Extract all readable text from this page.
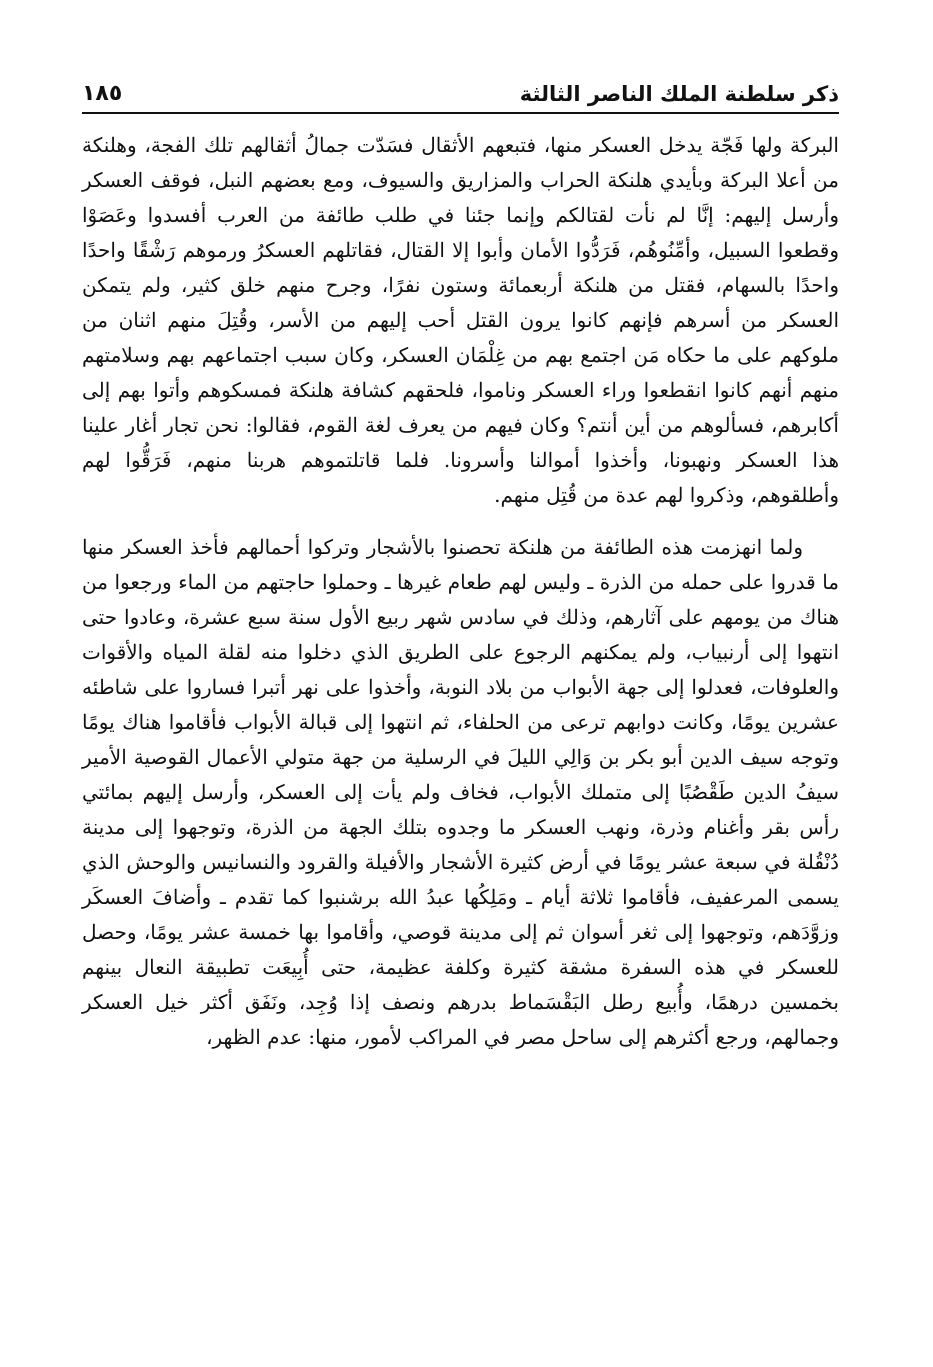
ذكر سلطنة الملك الناصر الثالثة
١٨٥

البركة ولها فَجّة يدخل العسكر منها، فتبعهم الأثقال فسَدّت جمالُ أثقالهم تلك الفجة، وهلنكة من أعلا البركة وبأيدي هلنكة الحراب والمزاريق والسيوف، ومع بعضهم النبل، فوقف العسكر وأرسل إليهم: إنَّا لم نأت لقتالكم وإنما جئنا في طلب طائفة من العرب أفسدوا وعَصَوْا وقطعوا السبيل، وأمِّنُوهُم، فَرَدُّوا الأمان وأبوا إلا القتال، فقاتلهم العسكرُ ورموهم رَشْقًا واحدًا واحدًا بالسهام، فقتل من هلنكة أربعمائة وستون نفرًا، وجرح منهم خلق كثير، ولم يتمكن العسكر من أسرهم فإنهم كانوا يرون القتل أحب إليهم من الأسر، وقُتِلَ منهم اثنان من ملوكهم على ما حكاه مَن اجتمع بهم من غِلْمَان العسكر، وكان سبب اجتماعهم بهم وسلامتهم منهم أنهم كانوا انقطعوا وراء العسكر وناموا، فلحقهم كشافة هلنكة فمسكوهم وأتوا بهم إلى أكابرهم، فسألوهم من أين أنتم؟ وكان فيهم من يعرف لغة القوم، فقالوا: نحن تجار أغار علينا هذا العسكر ونهبونا، وأخذوا أموالنا وأسرونا. فلما قاتلتموهم هربنا منهم، فَرَقُّوا لهم وأطلقوهم، وذكروا لهم عدة من قُتِل منهم.

ولما انهزمت هذه الطائفة من هلنكة تحصنوا بالأشجار وتركوا أحمالهم فأخذ العسكر منها ما قدروا على حمله من الذرة ـ وليس لهم طعام غيرها ـ وحملوا حاجتهم من الماء ورجعوا من هناك من يومهم على آثارهم، وذلك في سادس شهر ربيع الأول سنة سبع عشرة، وعادوا حتى انتهوا إلى أرنبياب، ولم يمكنهم الرجوع على الطريق الذي دخلوا منه لقلة المياه والأقوات والعلوفات، فعدلوا إلى جهة الأبواب من بلاد النوبة، وأخذوا على نهر أتبرا فساروا على شاطئه عشرين يومًا، وكانت دوابهم ترعى من الحلفاء، ثم انتهوا إلى قبالة الأبواب فأقاموا هناك يومًا وتوجه سيف الدين أبو بكر بن وَالِي الليلَ في الرسلية من جهة متولي الأعمال القوصية الأمير سيفُ الدين طَقْصُبًا إلى متملك الأبواب، فخاف ولم يأت إلى العسكر، وأرسل إليهم بمائتي رأس بقر وأغنام وذرة، ونهب العسكر ما وجدوه بتلك الجهة من الذرة، وتوجهوا إلى مدينة دُنْقُلة في سبعة عشر يومًا في أرض كثيرة الأشجار والأفيلة والقرود والنسانيس والوحش الذي يسمى المرعفيف، فأقاموا ثلاثة أيام ـ ومَلِكُها عبدُ الله برشنبوا كما تقدم ـ وأضافَ العسكَر وزوَّدَهم، وتوجهوا إلى ثغر أسوان ثم إلى مدينة قوصي، وأقاموا بها خمسة عشر يومًا، وحصل للعسكر في هذه السفرة مشقة كثيرة وكلفة عظيمة، حتى أُبِيعَت تطبيقة النعال بينهم بخمسين درهمًا، وأُبيع رطل البَقْسَماط بدرهم ونصف إذا وُجِد، ونَفَق أكثر خيل العسكر وجمالهم، ورجع أكثرهم إلى ساحل مصر في المراكب لأمور، منها: عدم الظهر،
